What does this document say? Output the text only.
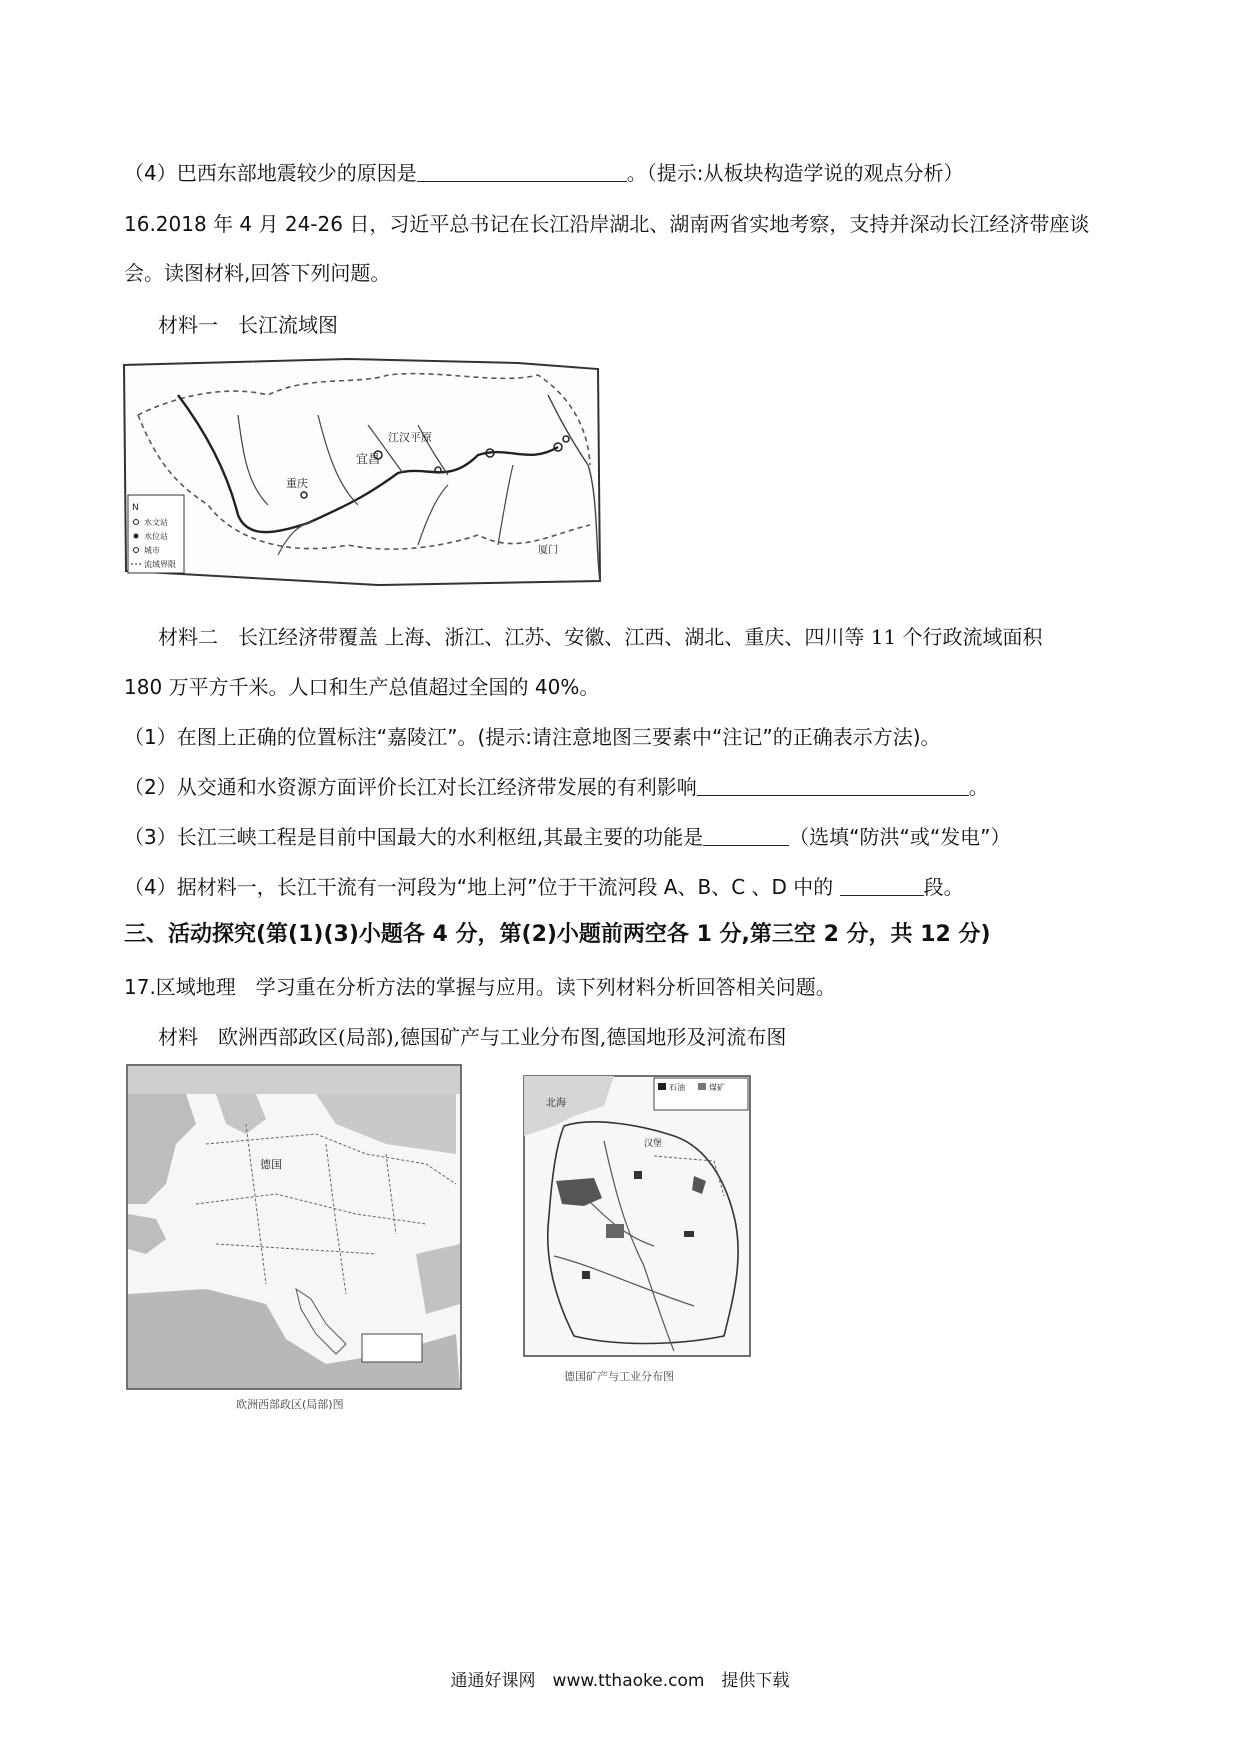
（4）巴西东部地震较少的原因是	。（提示:从板块构造学说的观点分析）
16.2018 年 4 月 24-26 日，习近平总书记在长江沿岸湖北、湖南两省实地考察，支持并深动长江经济带座谈
会。读图材料,回答下列问题。
材料一　长江流域图
江汉平原
宜昌
重庆
厦门
N
水文站
水位站
城市
流域界限
材料二　长江经济带覆盖 上海、浙江、江苏、安徽、江西、湖北、重庆、四川等 11 个行政流域面积
180 万平方千米。人口和生产总值超过全国的 40%。
（1）在图上正确的位置标注“嘉陵江”。(提示:请注意地图三要素中“注记”的正确表示方法)。
（2）从交通和水资源方面评价长江对长江经济带发展的有利影响	。
（3）长江三峡工程是目前中国最大的水利枢纽,其最主要的功能是	（选填“防洪“或“发电”）
（4）据材料一，长江干流有一河段为“地上河”位于干流河段 A、B、C 、D 中的	段。
三、活动探究(第(1)(3)小题各 4 分，第(2)小题前两空各 1 分,第三空 2 分，共 12 分)
17.区域地理　学习重在分析方法的掌握与应用。读下列材料分析回答相关问题。
材料　欧洲西部政区(局部),德国矿产与工业分布图,德国地形及河流布图
德国
欧洲西部政区(局部)图
石油	煤矿
北海
汉堡
德国矿产与工业分布图
通通好课网　www.tthaoke.com　提供下载
